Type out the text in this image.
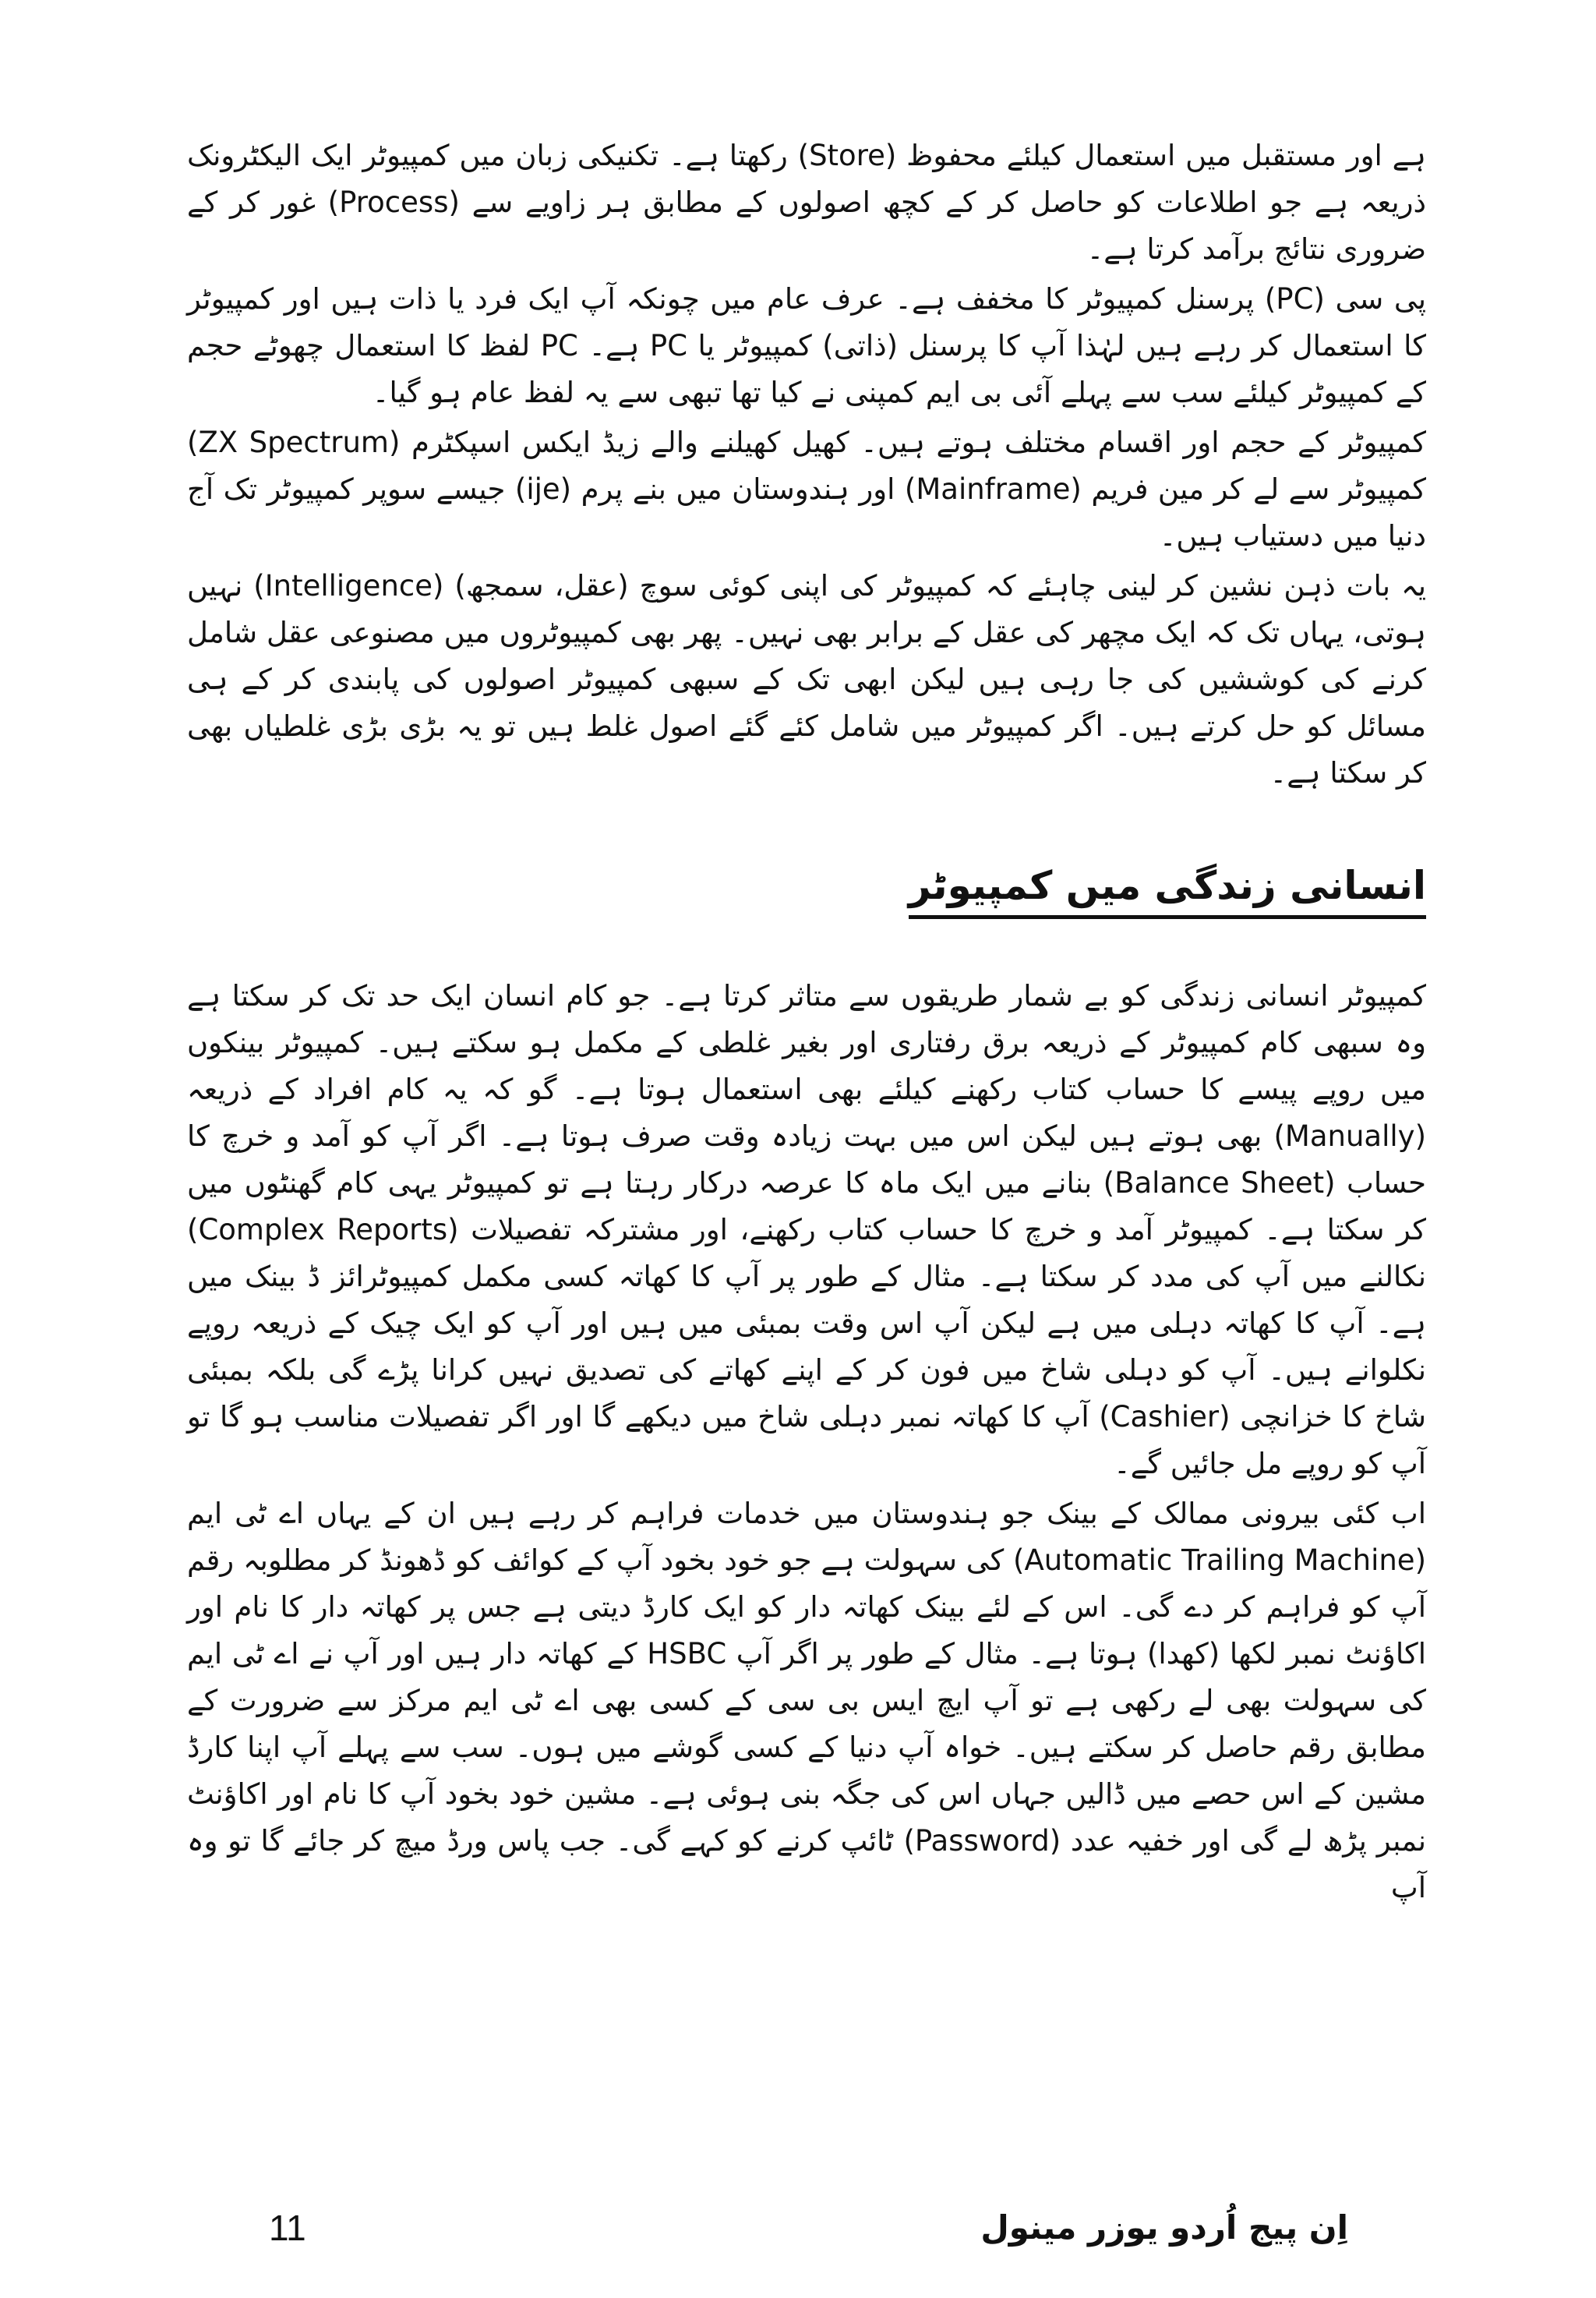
ہے اور مستقبل میں استعمال کیلئے محفوظ (Store) رکھتا ہے۔ تکنیکی زبان میں کمپیوٹر ایک الیکٹرونک ذریعہ ہے جو اطلاعات کو حاصل کر کے کچھ اصولوں کے مطابق ہر زاویے سے (Process) غور کر کے ضروری نتائج برآمد کرتا ہے۔

پی سی (PC) پرسنل کمپیوٹر کا مخفف ہے۔ عرف عام میں چونکہ آپ ایک فرد یا ذات ہیں اور کمپیوٹر کا استعمال کر رہے ہیں لہٰذا آپ کا پرسنل (ذاتی) کمپیوٹر یا PC ہے۔ PC لفظ کا استعمال چھوٹے حجم کے کمپیوٹر کیلئے سب سے پہلے آئی بی ایم کمپنی نے کیا تھا تبھی سے یہ لفظ عام ہو گیا۔

کمپیوٹر کے حجم اور اقسام مختلف ہوتے ہیں۔ کھیل کھیلنے والے زیڈ ایکس اسپکٹرم (ZX Spectrum) کمپیوٹر سے لے کر مین فریم (Mainframe) اور ہندوستان میں بنے پرم (ije) جیسے سوپر کمپیوٹر تک آج دنیا میں دستیاب ہیں۔

یہ بات ذہن نشین کر لینی چاہئے کہ کمپیوٹر کی اپنی کوئی سوچ (عقل، سمجھ) (Intelligence) نہیں ہوتی، یہاں تک کہ ایک مچھر کی عقل کے برابر بھی نہیں۔ پھر بھی کمپیوٹروں میں مصنوعی عقل شامل کرنے کی کوششیں کی جا رہی ہیں لیکن ابھی تک کے سبھی کمپیوٹر اصولوں کی پابندی کر کے ہی مسائل کو حل کرتے ہیں۔ اگر کمپیوٹر میں شامل کئے گئے اصول غلط ہیں تو یہ بڑی بڑی غلطیاں بھی کر سکتا ہے۔

انسانی زندگی میں کمپیوٹر

کمپیوٹر انسانی زندگی کو بے شمار طریقوں سے متاثر کرتا ہے۔ جو کام انسان ایک حد تک کر سکتا ہے وہ سبھی کام کمپیوٹر کے ذریعہ برق رفتاری اور بغیر غلطی کے مکمل ہو سکتے ہیں۔ کمپیوٹر بینکوں میں روپے پیسے کا حساب کتاب رکھنے کیلئے بھی استعمال ہوتا ہے۔ گو کہ یہ کام افراد کے ذریعہ (Manually) بھی ہوتے ہیں لیکن اس میں بہت زیادہ وقت صرف ہوتا ہے۔ اگر آپ کو آمد و خرچ کا حساب (Balance Sheet) بنانے میں ایک ماہ کا عرصہ درکار رہتا ہے تو کمپیوٹر یہی کام گھنٹوں میں کر سکتا ہے۔ کمپیوٹر آمد و خرچ کا حساب کتاب رکھنے، اور مشترکہ تفصیلات (Complex Reports) نکالنے میں آپ کی مدد کر سکتا ہے۔ مثال کے طور پر آپ کا کھاتہ کسی مکمل کمپیوٹرائز ڈ بینک میں ہے۔ آپ کا کھاتہ دہلی میں ہے لیکن آپ اس وقت بمبئی میں ہیں اور آپ کو ایک چیک کے ذریعہ روپے نکلوانے ہیں۔ آپ کو دہلی شاخ میں فون کر کے اپنے کھاتے کی تصدیق نہیں کرانا پڑے گی بلکہ بمبئی شاخ کا خزانچی (Cashier) آپ کا کھاتہ نمبر دہلی شاخ میں دیکھے گا اور اگر تفصیلات مناسب ہو گا تو آپ کو روپے مل جائیں گے۔

اب کئی بیرونی ممالک کے بینک جو ہندوستان میں خدمات فراہم کر رہے ہیں ان کے یہاں اے ٹی ایم (Automatic Trailing Machine) کی سہولت ہے جو خود بخود آپ کے کوائف کو ڈھونڈ کر مطلوبہ رقم آپ کو فراہم کر دے گی۔ اس کے لئے بینک کھاتہ دار کو ایک کارڈ دیتی ہے جس پر کھاتہ دار کا نام اور اکاؤنٹ نمبر لکھا (کھدا) ہوتا ہے۔ مثال کے طور پر اگر آپ HSBC کے کھاتہ دار ہیں اور آپ نے اے ٹی ایم کی سہولت بھی لے رکھی ہے تو آپ ایچ ایس بی سی کے کسی بھی اے ٹی ایم مرکز سے ضرورت کے مطابق رقم حاصل کر سکتے ہیں۔ خواہ آپ دنیا کے کسی گوشے میں ہوں۔ سب سے پہلے آپ اپنا کارڈ مشین کے اس حصے میں ڈالیں جہاں اس کی جگہ بنی ہوئی ہے۔ مشین خود بخود آپ کا نام اور اکاؤنٹ نمبر پڑھ لے گی اور خفیہ عدد (Password) ٹائپ کرنے کو کہے گی۔ جب پاس ورڈ میچ کر جائے گا تو وہ آپ

11	اِن پیج اُردو یوزر مینول
